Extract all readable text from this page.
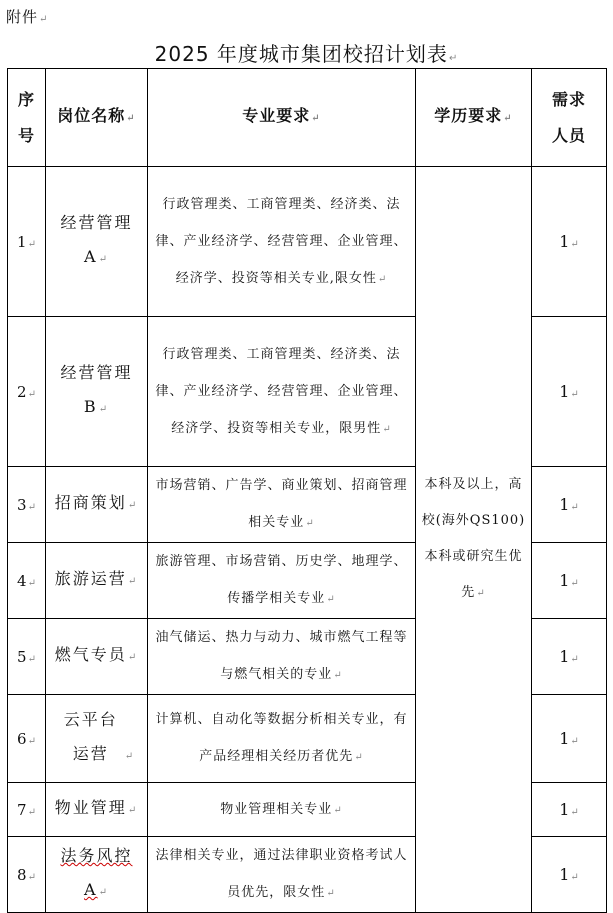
附件↵
2025 年度城市集团校招计划表↵
序号	岗位名称↵	专业要求↵	学历要求↵	需求人员
1↵	经营管理 A↵	行政管理类、工商管理类、经济类、法律、产业经济学、经营管理、企业管理、经济学、投资等相关专业,限女性↵	本科及以上，高校(海外QS100)本科或研究生优先↵	1↵
2↵	经营管理 B↵	行政管理类、工商管理类、经济类、法律、产业经济学、经营管理、企业管理、经济学、投资等相关专业，限男性↵		1↵
3↵	招商策划↵	市场营销、广告学、商业策划、招商管理相关专业↵		1↵
4↵	旅游运营↵	旅游管理、市场营销、历史学、地理学、传播学相关专业↵		1↵
5↵	燃气专员↵	油气储运、热力与动力、城市燃气工程等与燃气相关的专业↵		1↵
6↵	云平台运营 ↵	计算机、自动化等数据分析相关专业，有产品经理相关经历者优先↵		1↵
7↵	物业管理↵	物业管理相关专业↵		1↵
8↵	法务风控 A↵	法律相关专业，通过法律职业资格考试人员优先，限女性↵		1↵
